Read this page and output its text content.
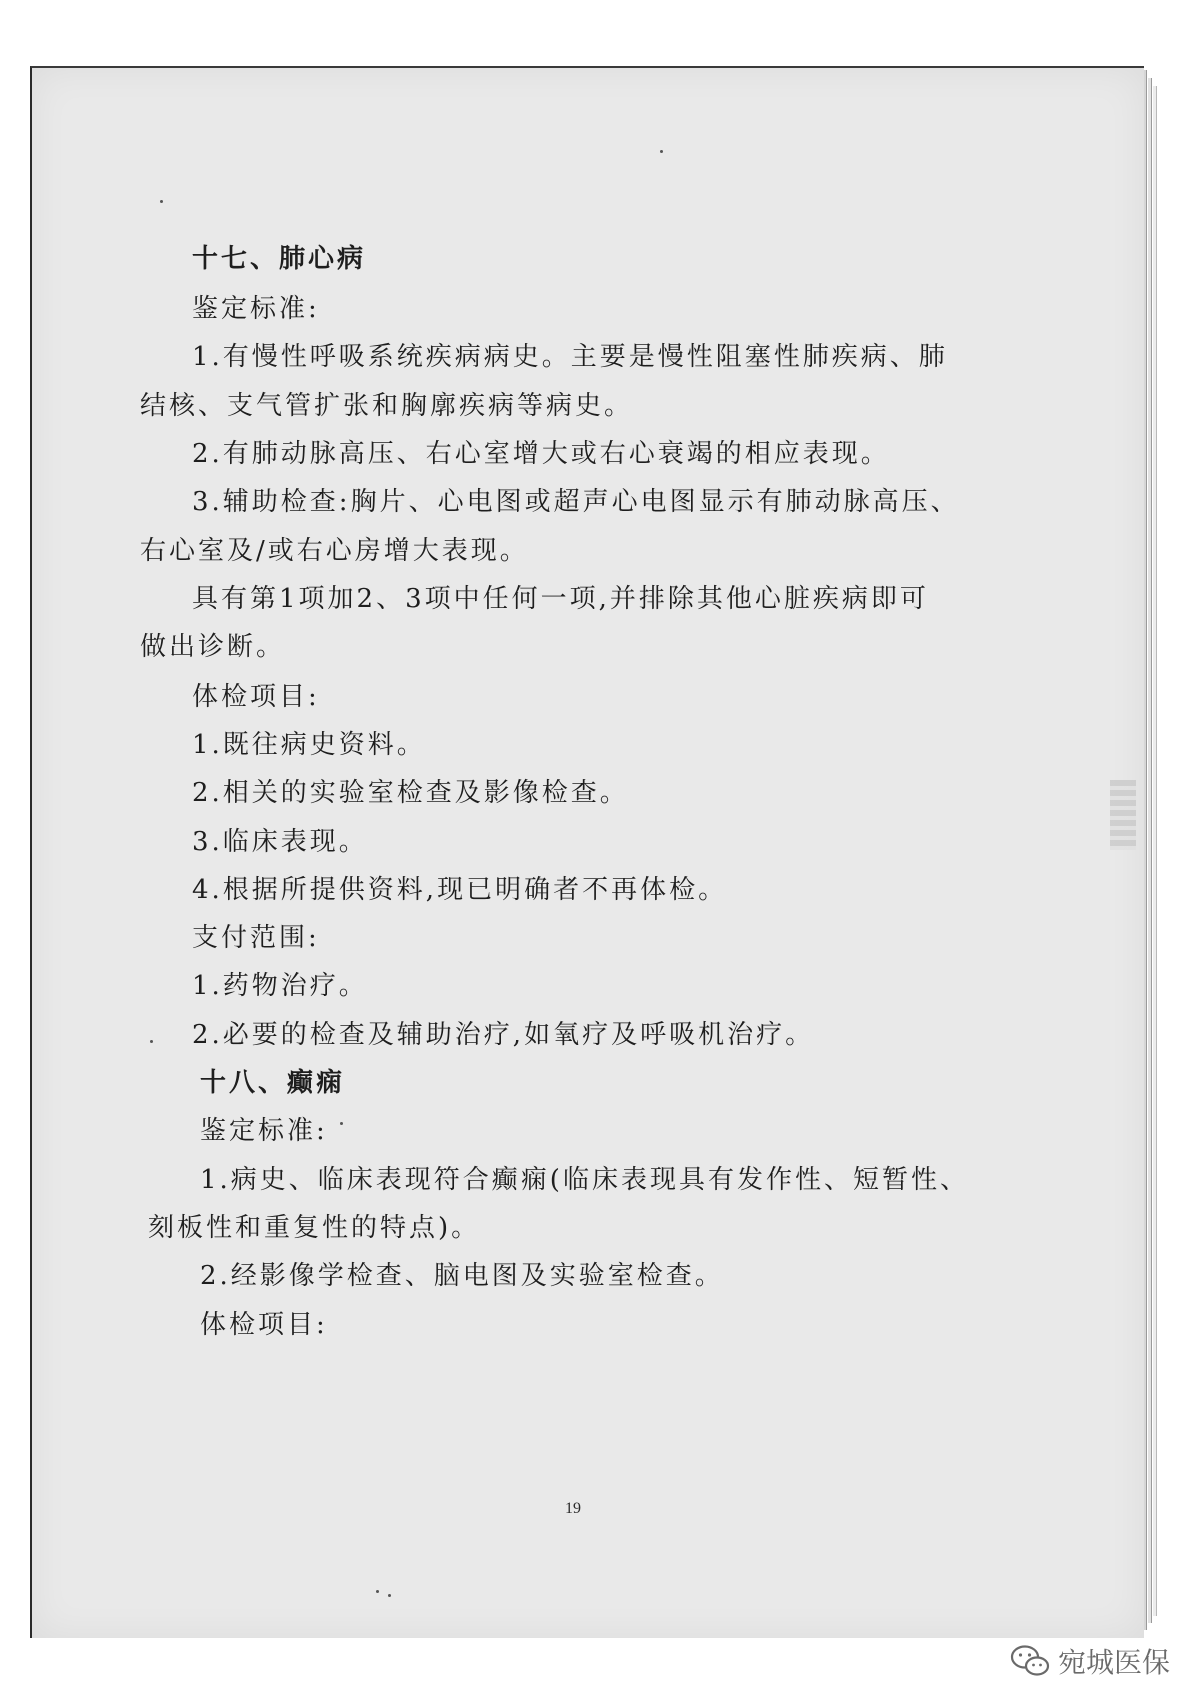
十七、肺心病

鉴定标准:

1.有慢性呼吸系统疾病病史。主要是慢性阻塞性肺疾病、肺

结核、支气管扩张和胸廓疾病等病史。

2.有肺动脉高压、右心室增大或右心衰竭的相应表现。

3.辅助检查:胸片、心电图或超声心电图显示有肺动脉高压、

右心室及/或右心房增大表现。

具有第1项加2、3项中任何一项,并排除其他心脏疾病即可

做出诊断。

体检项目:

1.既往病史资料。

2.相关的实验室检查及影像检查。

3.临床表现。

4.根据所提供资料,现已明确者不再体检。

支付范围:

1.药物治疗。

2.必要的检查及辅助治疗,如氧疗及呼吸机治疗。

十八、癫痫

鉴定标准:

1.病史、临床表现符合癫痫(临床表现具有发作性、短暂性、

刻板性和重复性的特点)。

2.经影像学检查、脑电图及实验室检查。

体检项目:

19
宛城医保
